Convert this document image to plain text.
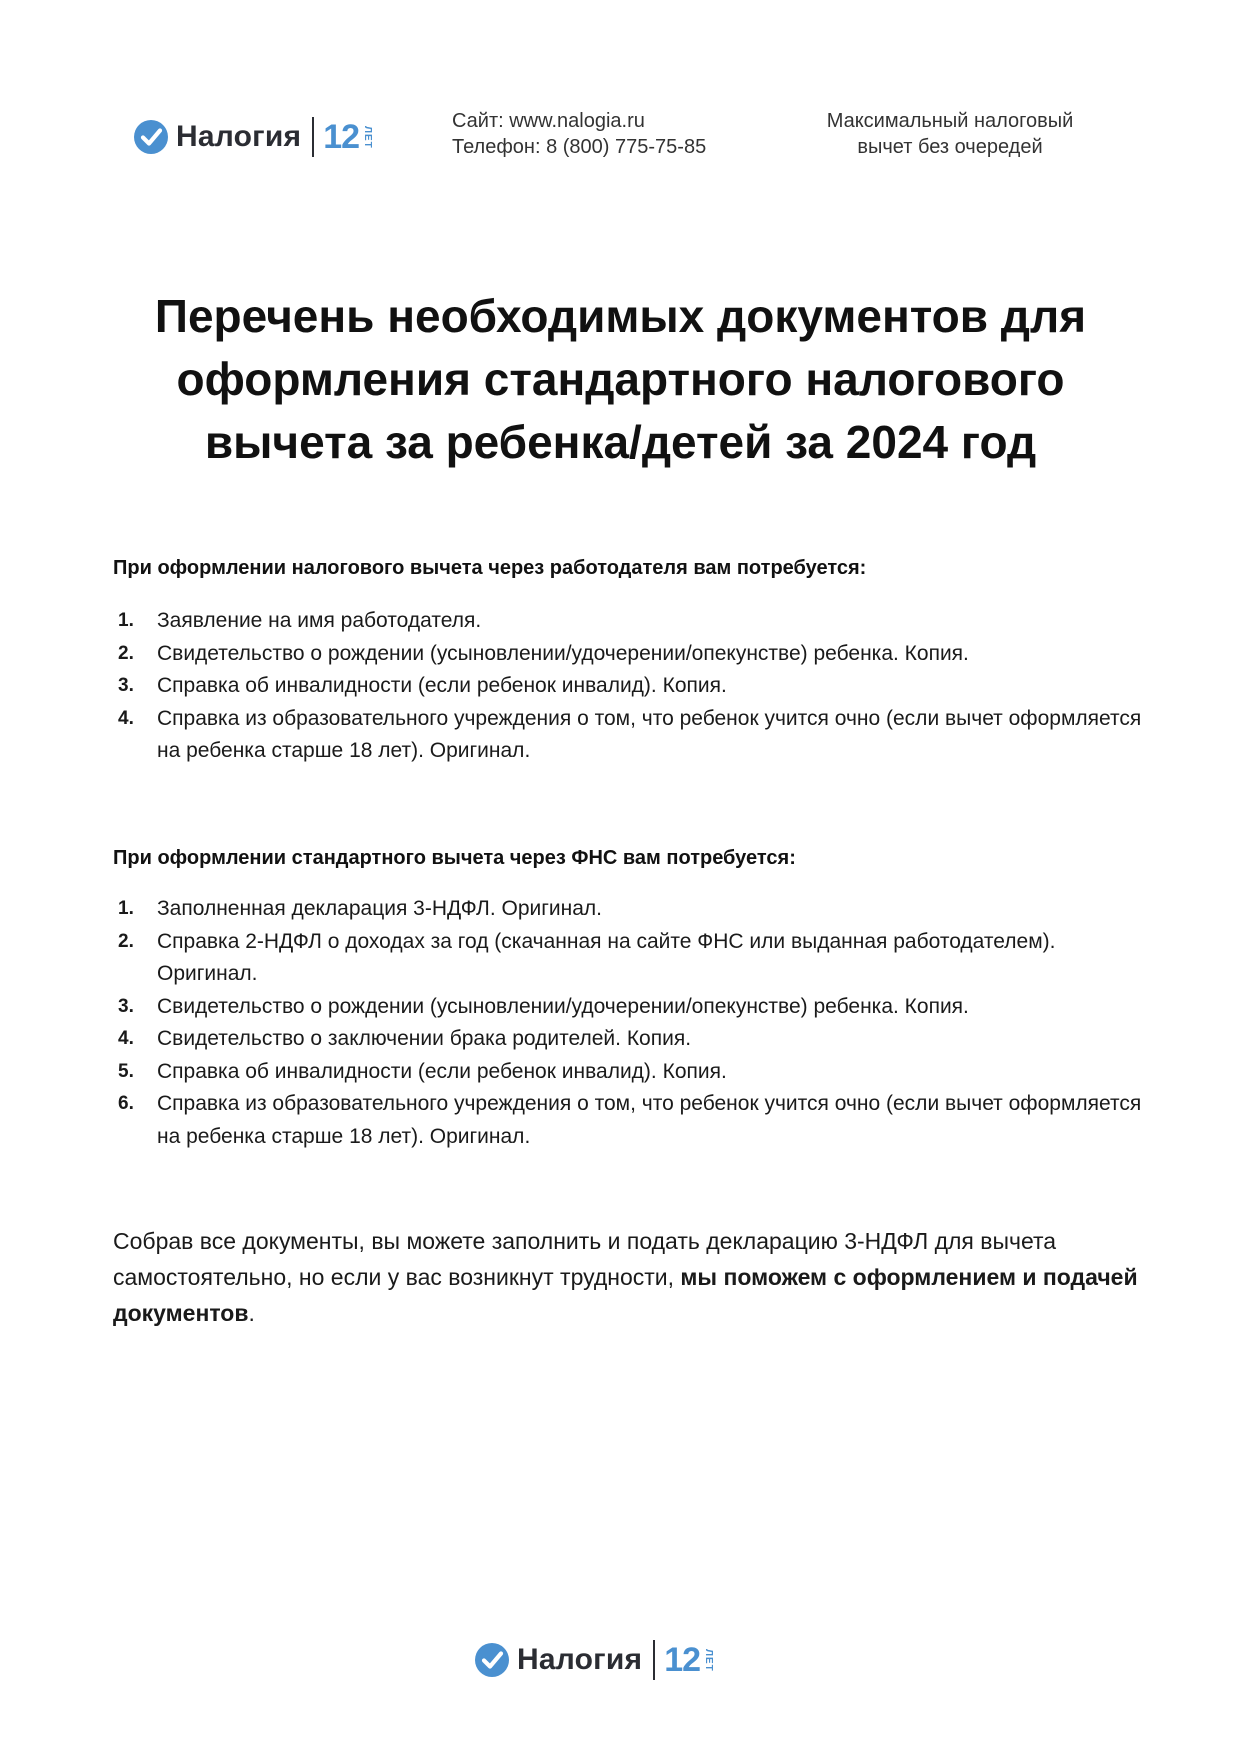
Налогия 12 ЛЕТ
Сайт: www.nalogia.ru
Телефон: 8 (800) 775-75-85
Максимальный налоговый
вычет без очередей
Перечень необходимых документов для
оформления стандартного налогового
вычета за ребенка/детей за 2024 год

При оформлении налогового вычета через работодателя вам потребуется:

1.	Заявление на имя работодателя.
2.	Свидетельство о рождении (усыновлении/удочерении/опекунстве) ребенка. Копия.
3.	Справка об инвалидности (если ребенок инвалид). Копия.
4.	Справка из образовательного учреждения о том, что ребенок учится очно (если вычет оформляется на ребенка старше 18 лет). Оригинал.

При оформлении стандартного вычета через ФНС вам потребуется:

1.	Заполненная декларация 3-НДФЛ. Оригинал.
2.	Справка 2-НДФЛ о доходах за год (скачанная на сайте ФНС или выданная работодателем). Оригинал.
3.	Свидетельство о рождении (усыновлении/удочерении/опекунстве) ребенка. Копия.
4.	Свидетельство о заключении брака родителей. Копия.
5.	Справка об инвалидности (если ребенок инвалид). Копия.
6.	Справка из образовательного учреждения о том, что ребенок учится очно (если вычет оформляется на ребенка старше 18 лет). Оригинал.

Собрав все документы, вы можете заполнить и подать декларацию 3-НДФЛ для вычета самостоятельно, но если у вас возникнут трудности, мы поможем с оформлением и подачей документов.

Налогия 12 ЛЕТ
